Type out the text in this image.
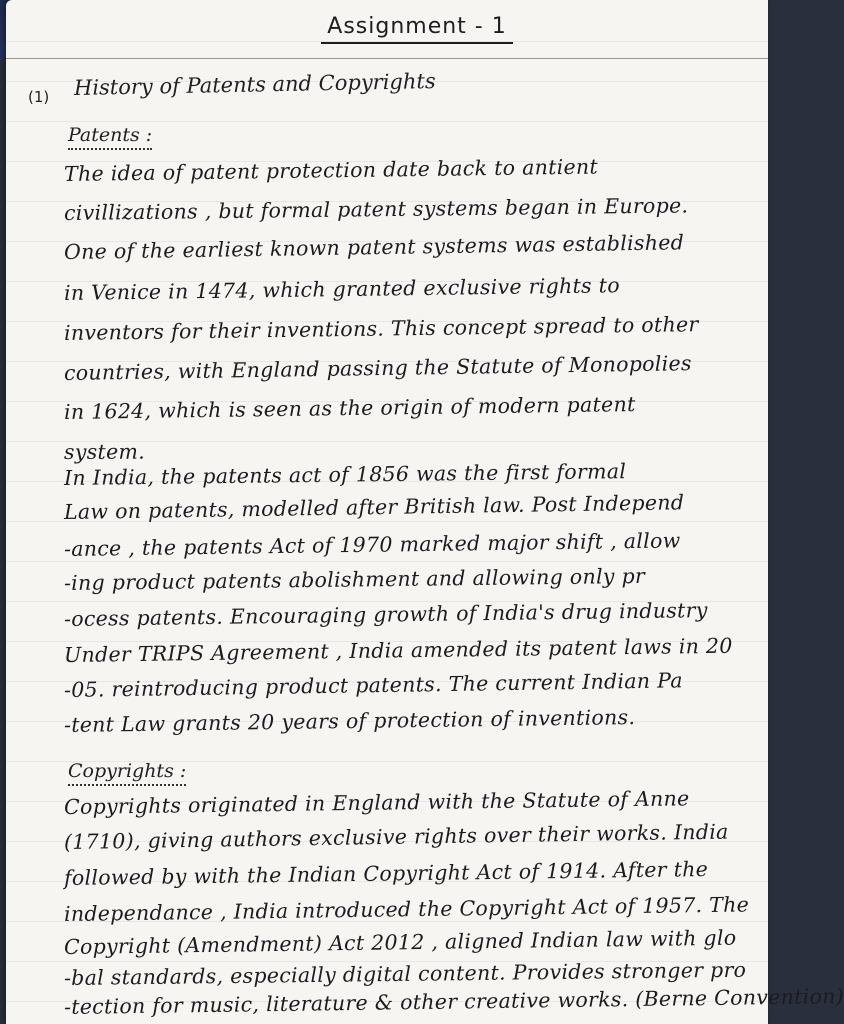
Assignment - 1
(1) History of Patents and Copyrights
Patents :
The idea of patent protection date back to antient
civillizations , but formal patent systems began in Europe.
One of the earliest known patent systems was established
in Venice in 1474, which granted exclusive rights to
inventors for their inventions. This concept spread to other
countries, with England passing the Statute of Monopolies
in 1624, which is seen as the origin of modern patent
system.
In India, the patents act of 1856 was the first formal
Law on patents, modelled after British law. Post Independ
-ance , the patents Act of 1970 marked major shift , allow
-ing product patents abolishment and allowing only pr
-ocess patents. Encouraging growth of India's drug industry
Under TRIPS Agreement , India amended its patent laws in 20
-05. reintroducing product patents. The current Indian Pa
-tent Law grants 20 years of protection of inventions.
Copyrights :
Copyrights originated in England with the Statute of Anne
(1710), giving authors exclusive rights over their works. India
followed by with the Indian Copyright Act of 1914. After the
independance , India introduced the Copyright Act of 1957. The
Copyright (Amendment) Act 2012 , aligned Indian law with glo
-bal standards, especially digital content. Provides stronger pro
-tection for music, literature & other creative works. (Berne Convention)
